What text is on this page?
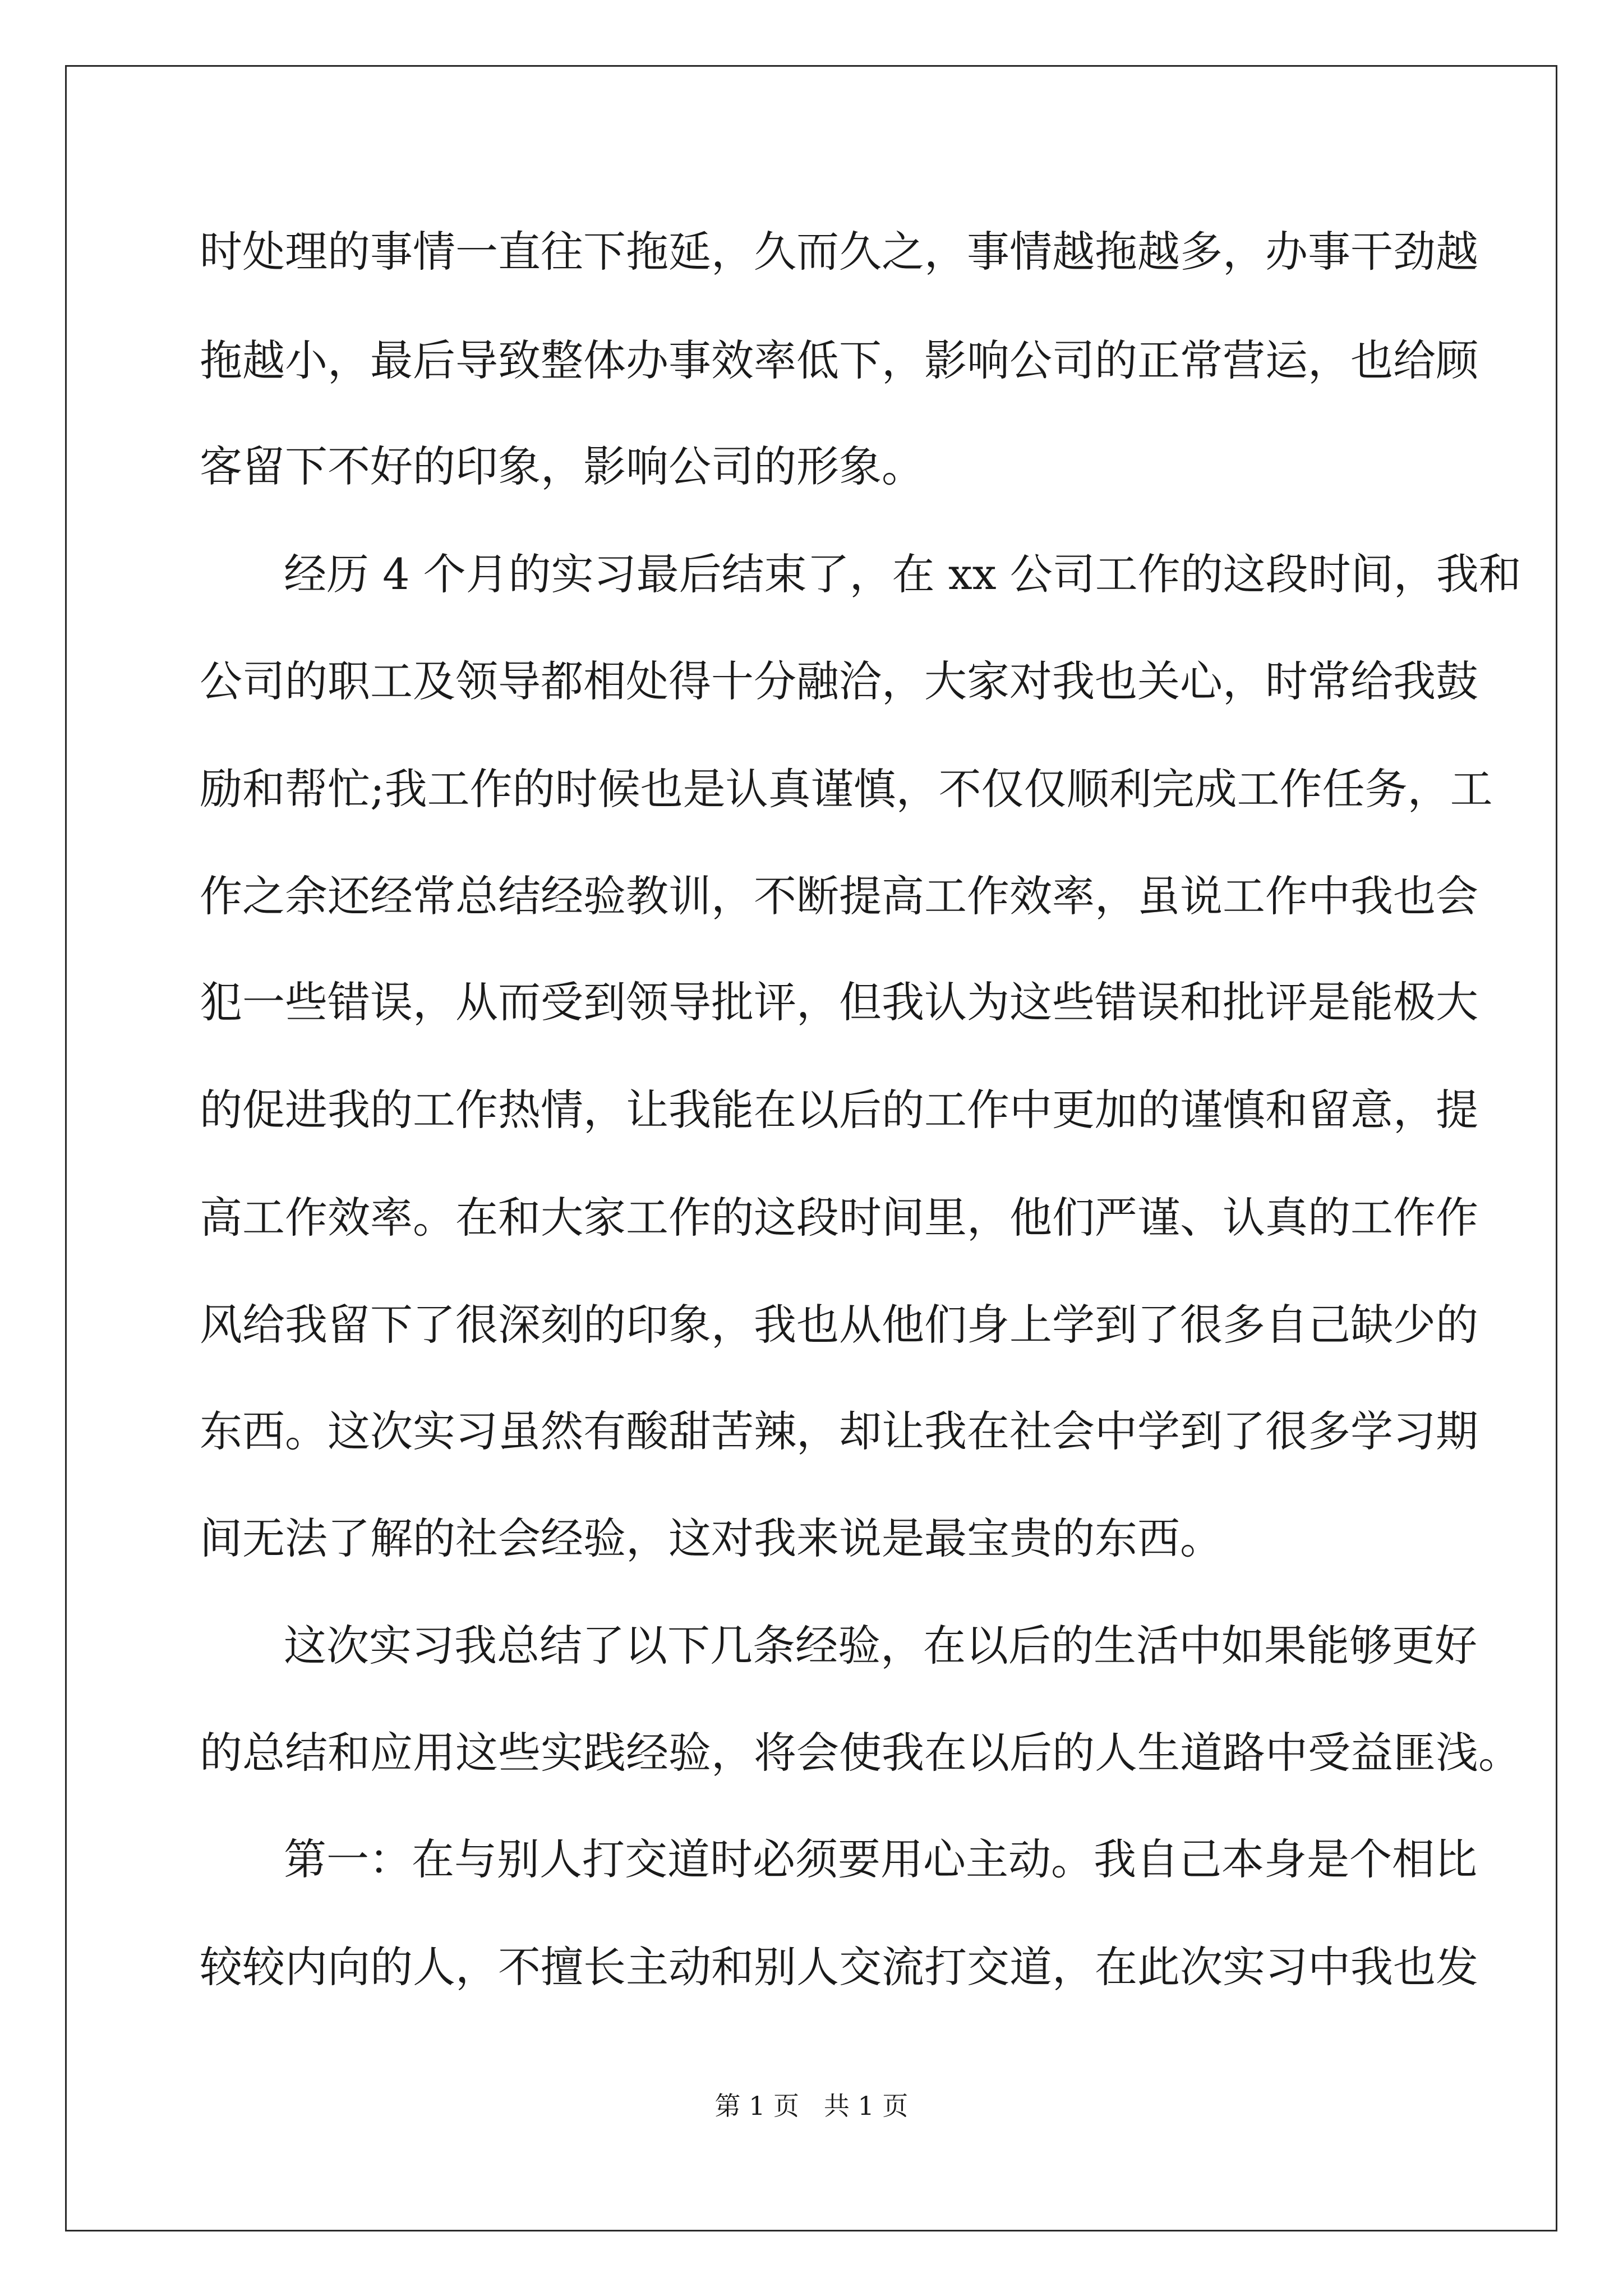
时处理的事情一直往下拖延，久而久之，事情越拖越多，办事干劲越
拖越小，最后导致整体办事效率低下，影响公司的正常营运，也给顾
客留下不好的印象，影响公司的形象。
经历 4 个月的实习最后结束了，在 xx 公司工作的这段时间，我和
公司的职工及领导都相处得十分融洽，大家对我也关心，时常给我鼓
励和帮忙;我工作的时候也是认真谨慎，不仅仅顺利完成工作任务，工
作之余还经常总结经验教训，不断提高工作效率，虽说工作中我也会
犯一些错误，从而受到领导批评，但我认为这些错误和批评是能极大
的促进我的工作热情，让我能在以后的工作中更加的谨慎和留意，提
高工作效率。在和大家工作的这段时间里，他们严谨、认真的工作作
风给我留下了很深刻的印象，我也从他们身上学到了很多自己缺少的
东西。这次实习虽然有酸甜苦辣，却让我在社会中学到了很多学习期
间无法了解的社会经验，这对我来说是最宝贵的东西。
这次实习我总结了以下几条经验，在以后的生活中如果能够更好
的总结和应用这些实践经验，将会使我在以后的人生道路中受益匪浅。
第一：在与别人打交道时必须要用心主动。我自己本身是个相比
较较内向的人，不擅长主动和别人交流打交道，在此次实习中我也发
第 1 页   共 1 页
